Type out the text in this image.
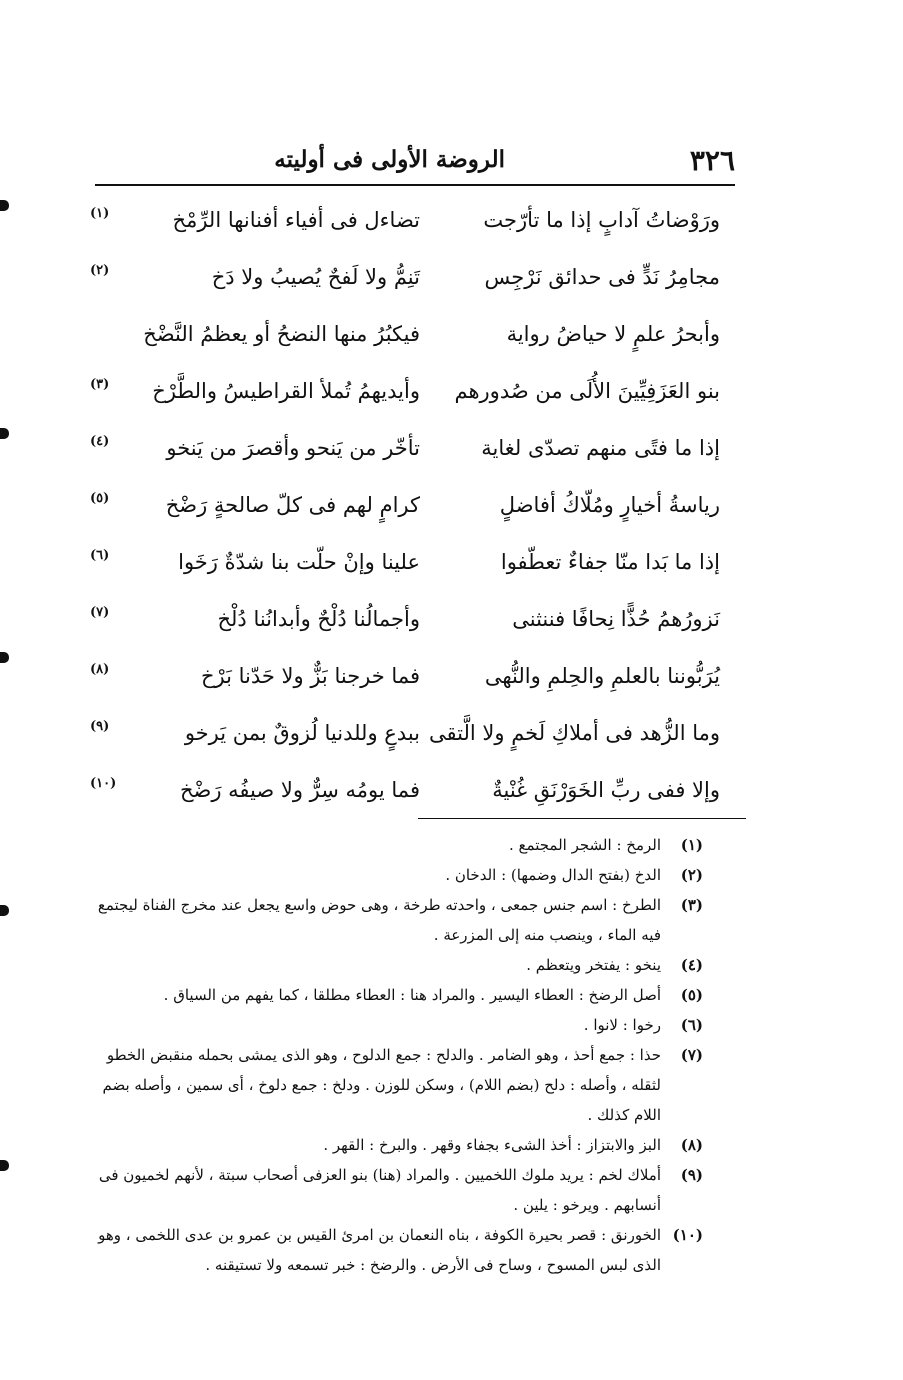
٣٢٦
الروضة الأولى فى أوليته
ورَوْضاتُ آدابٍ إذا ما تأرّجت
تضاءل فى أفياء أفنانها الرِّمْخ
(١)
مجامِرُ نَدٍّ فى حدائق نَرْجِس
تَنِمُّ ولا لَفحٌ يُصيبُ ولا دَخ
(٢)
وأبحرُ علمٍ لا حياضُ رواية
فيكبُرُ منها النضحُ أو يعظمُ النَّضْخ
بنو العَزَفِيِّينَ الأُلَى من صُدورهم
وأيديهمُ تُملأ القراطيسُ والطَّرْخ
(٣)
إذا ما فتًى منهم تصدّى لغاية
تأخّر من يَنحو وأقصرَ من يَنخو
(٤)
رياسةُ أخيارٍ ومُلّاكُ أفاضلٍ
كرامٍ لهم فى كلّ صالحةٍ رَضْخ
(٥)
إذا ما بَدا منّا جفاءٌ تعطّفوا
علينا وإنْ حلّت بنا شدّةٌ رَخَوا
(٦)
نَزورُهمُ حُذًّا نِحافًا فننثنى
وأجمالُنا دُلْحٌ وأبدانُنا دُلْخ
(٧)
يُرَبُّوننا بالعلمِ والحِلمِ والنُّهى
فما خرجنا بَزٌّ ولا حَدّنا بَرْخ
(٨)
وما الزُّهد فى أملاكِ لَخمٍ ولا الَّتقى
ببدعٍ وللدنيا لُزوقٌ بمن يَرخو
(٩)
وإلا ففى ربِّ الخَوَرْنَقِ غُنْيةٌ
فما يومُه سِرٌّ ولا صيفُه رَضْخ
(١٠)
(١)
الرمخ : الشجر المجتمع .
(٢)
الدخ (بفتح الدال وضمها) : الدخان .
(٣)
الطرخ : اسم جنس جمعى ، واحدته طرخة ، وهى حوض واسع يجعل عند مخرج الفناة ليجتمع فيه الماء ، وينصب منه إلى المزرعة .
(٤)
ينخو : يفتخر ويتعظم .
(٥)
أصل الرضخ : العطاء اليسير . والمراد هنا : العطاء مطلقا ، كما يفهم من السياق .
(٦)
رخوا : لانوا .
(٧)
حذا : جمع أحذ ، وهو الضامر . والدلح : جمع الدلوح ، وهو الذى يمشى بحمله منقبض الخطو لثقله ، وأصله : دلح (بضم اللام) ، وسكن للوزن . ودلخ : جمع دلوخ ، أى سمين ، وأصله بضم اللام كذلك .
(٨)
البز والابتزاز : أخذ الشىء بجفاء وقهر . والبرخ : القهر .
(٩)
أملاك لخم : يريد ملوك اللخميين . والمراد (هنا) بنو العزفى أصحاب سبتة ، لأنهم لخميون فى أنسابهم . ويرخو : يلين .
(١٠)
الخورنق : قصر بحيرة الكوفة ، بناه النعمان بن امرئ القيس بن عمرو بن عدى اللخمى ، وهو الذى لبس المسوح ، وساح فى الأرض . والرضخ : خبر تسمعه ولا تستيقنه .
